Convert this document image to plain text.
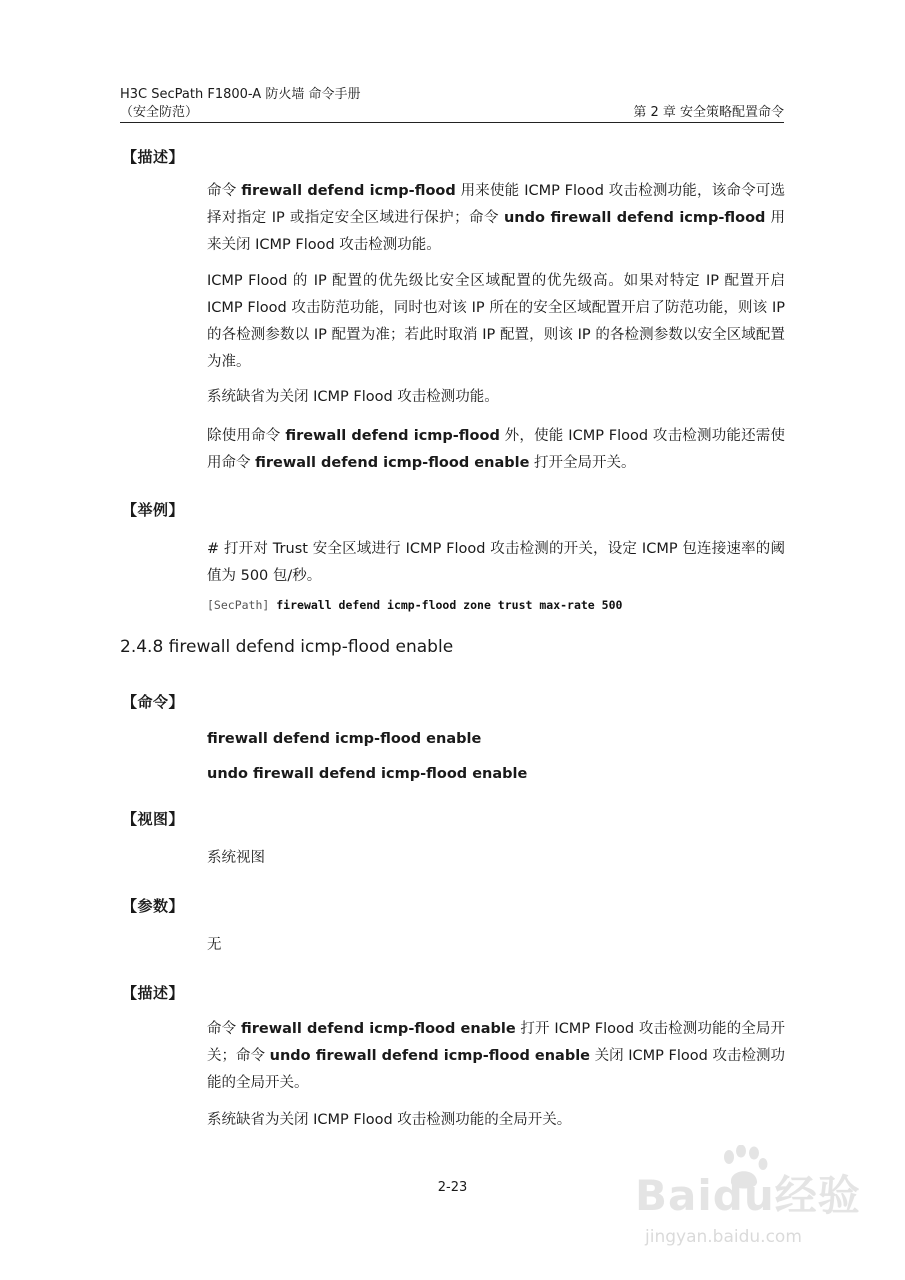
H3C SecPath F1800-A 防火墙 命令手册
（安全防范）	第 2 章 安全策略配置命令
【描述】
命令 firewall defend icmp-flood 用来使能 ICMP Flood 攻击检测功能，该命令可选择对指定 IP 或指定安全区域进行保护；命令 undo firewall defend icmp-flood 用来关闭 ICMP Flood 攻击检测功能。
ICMP Flood 的 IP 配置的优先级比安全区域配置的优先级高。如果对特定 IP 配置开启 ICMP Flood 攻击防范功能，同时也对该 IP 所在的安全区域配置开启了防范功能，则该 IP 的各检测参数以 IP 配置为准；若此时取消 IP 配置，则该 IP 的各检测参数以安全区域配置为准。
系统缺省为关闭 ICMP Flood 攻击检测功能。
除使用命令 firewall defend icmp-flood 外，使能 ICMP Flood 攻击检测功能还需使用命令 firewall defend icmp-flood enable 打开全局开关。
【举例】
# 打开对 Trust 安全区域进行 ICMP Flood 攻击检测的开关，设定 ICMP 包连接速率的阈值为 500 包/秒。
[SecPath] firewall defend icmp-flood zone trust max-rate 500
2.4.8 firewall defend icmp-flood enable
【命令】
firewall defend icmp-flood enable
undo firewall defend icmp-flood enable
【视图】
系统视图
【参数】
无
【描述】
命令 firewall defend icmp-flood enable 打开 ICMP Flood 攻击检测功能的全局开关；命令 undo firewall defend icmp-flood enable 关闭 ICMP Flood 攻击检测功能的全局开关。
系统缺省为关闭 ICMP Flood 攻击检测功能的全局开关。
2-23	Baidu经验
jingyan.baidu.com
